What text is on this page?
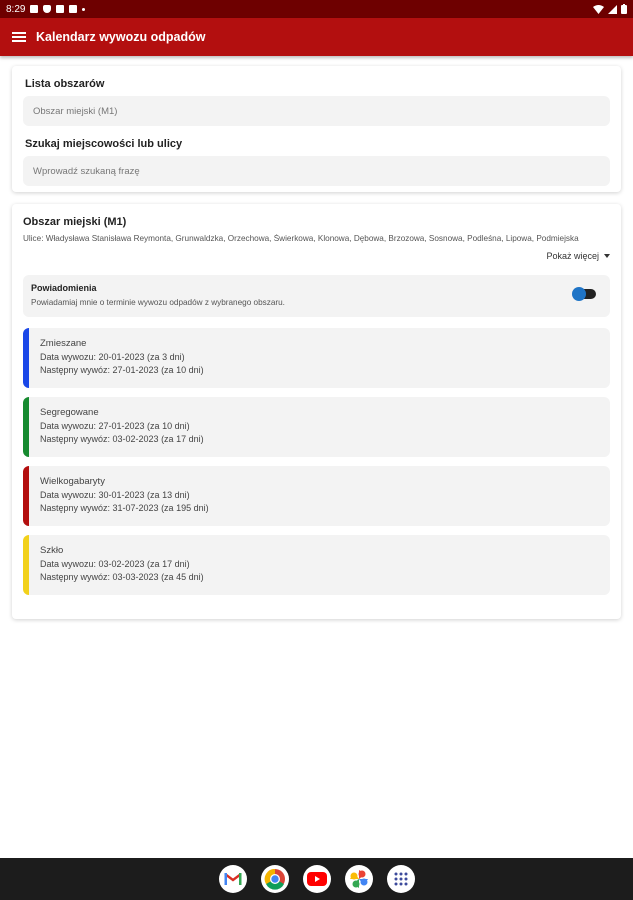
8:29
Kalendarz wywozu odpadów
Lista obszarów
Obszar miejski (M1)
Szukaj miejscowości lub ulicy
Wprowadź szukaną frazę
Obszar miejski (M1)
Ulice: Władysława Stanisława Reymonta, Grunwaldzka, Orzechowa, Świerkowa, Klonowa, Dębowa, Brzozowa, Sosnowa, Podleśna, Lipowa, Podmiejska
Pokaż więcej
Powiadomienia
Powiadamiaj mnie o terminie wywozu odpadów z wybranego obszaru.
Zmieszane
Data wywozu: 20-01-2023 (za 3 dni)
Następny wywóz: 27-01-2023 (za 10 dni)
Segregowane
Data wywozu: 27-01-2023 (za 10 dni)
Następny wywóz: 03-02-2023 (za 17 dni)
Wielkogabaryty
Data wywozu: 30-01-2023 (za 13 dni)
Następny wywóz: 31-07-2023 (za 195 dni)
Szkło
Data wywozu: 03-02-2023 (za 17 dni)
Następny wywóz: 03-03-2023 (za 45 dni)
